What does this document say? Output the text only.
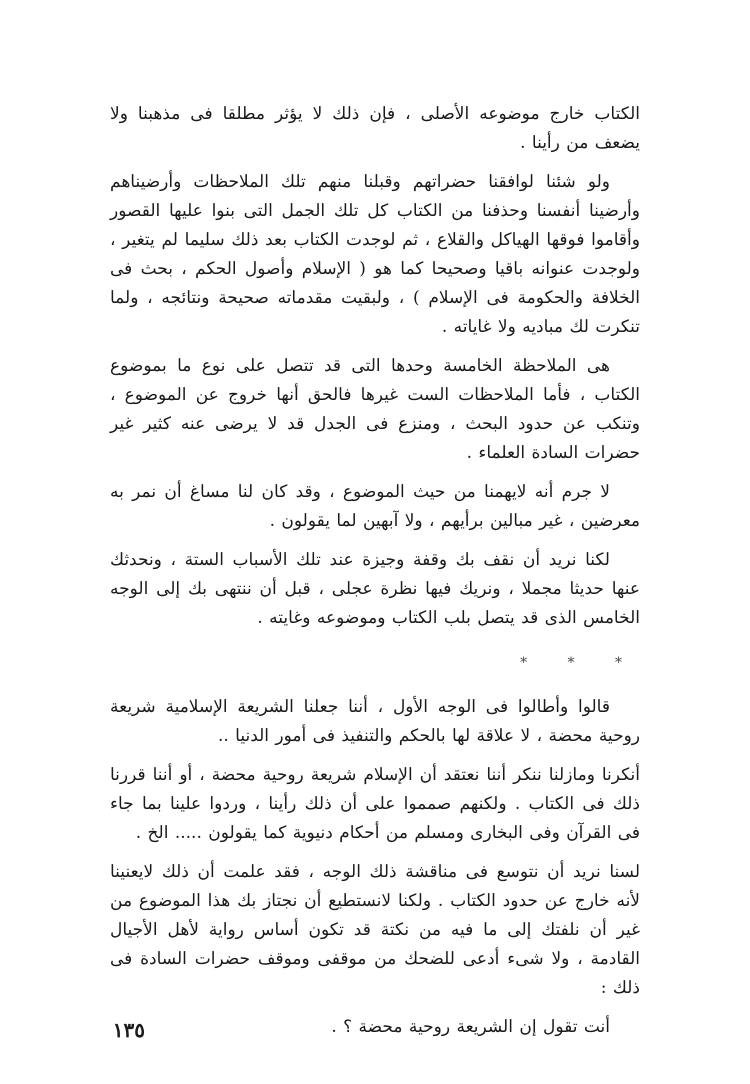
الكتاب خارج موضوعه الأصلى ، فإن ذلك لا يؤثر مطلقا فى مذهبنا ولا يضعف من رأينا .

ولو شئنا لوافقنا حضراتهم وقبلنا منهم تلك الملاحظات وأرضيناهم وأرضينا أنفسنا وحذفنا من الكتاب كل تلك الجمل التى بنوا عليها القصور وأقاموا فوقها الهياكل والقلاع ، ثم لوجدت الكتاب بعد ذلك سليما لم يتغير ، ولوجدت عنوانه باقيا وصحيحا كما هو ( الإسلام وأصول الحكم ، بحث فى الخلافة والحكومة فى الإسلام ) ، ولبقيت مقدماته صحيحة ونتائجه ، ولما تنكرت لك مباديه ولا غاياته .

هى الملاحظة الخامسة وحدها التى قد تتصل على نوع ما بموضوع الكتاب ، فأما الملاحظات الست غيرها فالحق أنها خروج عن الموضوع ، وتنكب عن حدود البحث ، ومنزع فى الجدل قد لا يرضى عنه كثير غير حضرات السادة العلماء .

لا جرم أنه لايهمنا من حيث الموضوع ، وقد كان لنا مساغ أن نمر به معرضين ، غير مبالين برأيهم ، ولا آبهين لما يقولون .

لكنا نريد أن نقف بك وقفة وجيزة عند تلك الأسباب الستة ، ونحدثك عنها حديثا مجملا ، ونريك فيها نظرة عجلى ، قبل أن ننتهى بك إلى الوجه الخامس الذى قد يتصل بلب الكتاب وموضوعه وغايته .

* * *

قالوا وأطالوا فى الوجه الأول ، أننا جعلنا الشريعة الإسلامية شريعة روحية محضة ، لا علاقة لها بالحكم والتنفيذ فى أمور الدنيا ..

أنكرنا ومازلنا ننكر أننا نعتقد أن الإسلام شريعة روحية محضة ، أو أننا قررنا ذلك فى الكتاب . ولكنهم صمموا على أن ذلك رأينا ، وردوا علينا بما جاء فى القرآن وفى البخارى ومسلم من أحكام دنيوية كما يقولون ..... الخ .

لسنا نريد أن نتوسع فى مناقشة ذلك الوجه ، فقد علمت أن ذلك لايعنينا لأنه خارج عن حدود الكتاب . ولكنا لانستطيع أن نجتاز بك هذا الموضوع من غير أن نلفتك إلى ما فيه من نكتة قد تكون أساس رواية لأهل الأجيال القادمة ، ولا شىء أدعى للضحك من موقفى وموقف حضرات السادة فى ذلك :

أنت تقول إن الشريعة روحية محضة ؟ .

١٣٥
